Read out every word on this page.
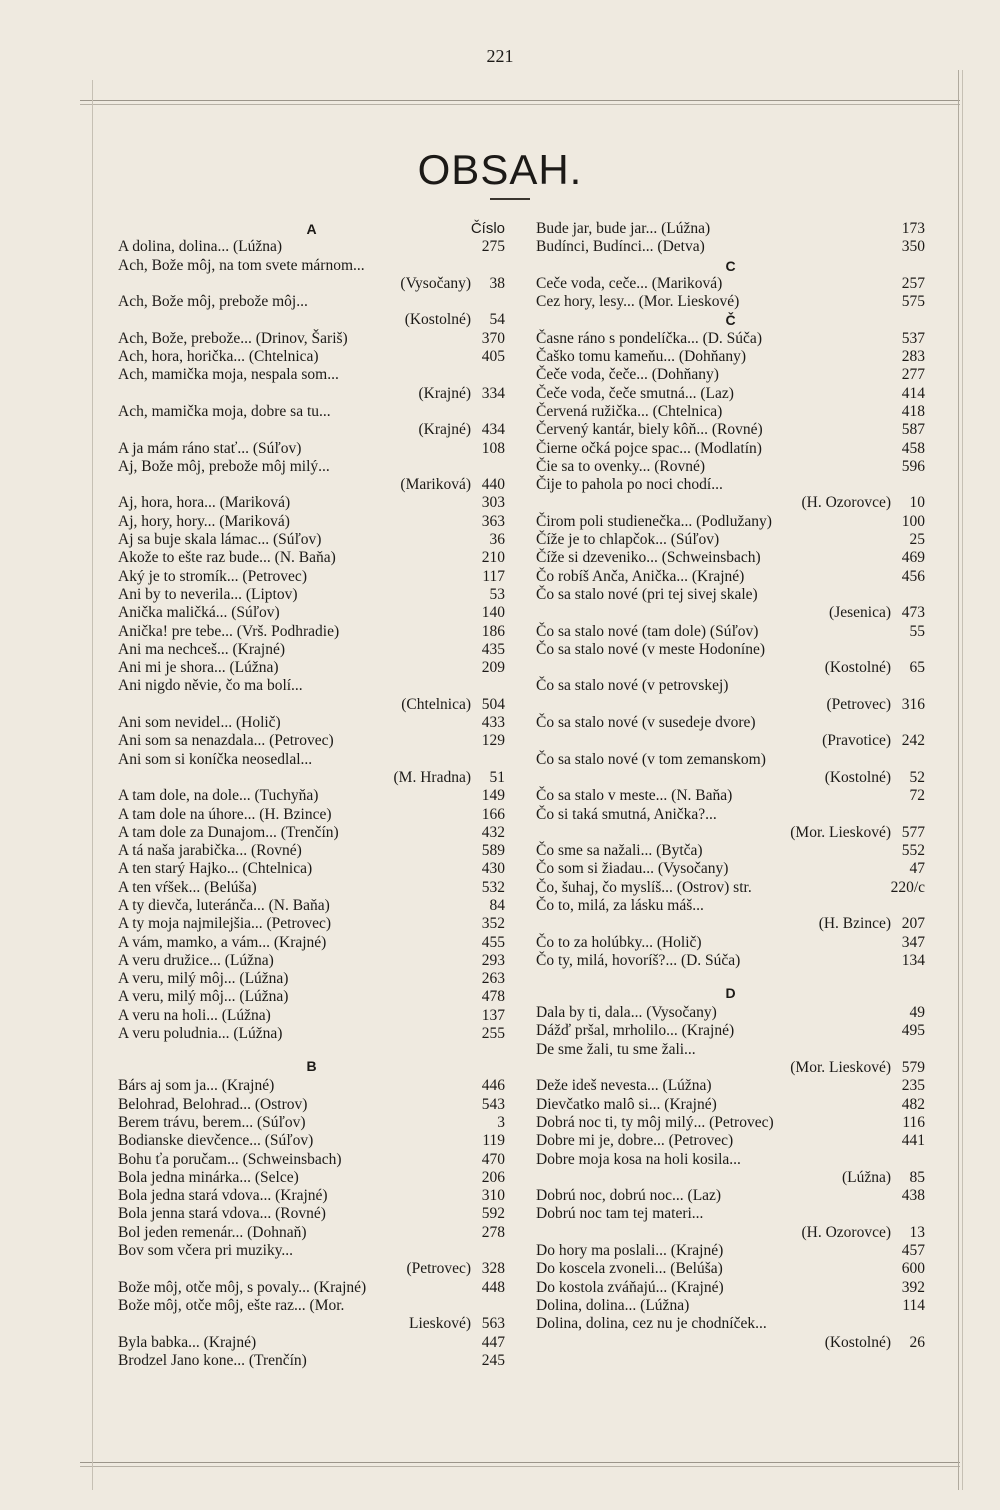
221
OBSAH.
A	Číslo
A dolina, dolina... (Lúžna)	275
Ach, Bože môj, na tom svete márnom...
(Vysočany) 38
Ach, Bože môj, prebože môj...
(Kostolné) 54
Ach, Bože, prebože... (Drinov, Šariš)	370
Ach, hora, horička... (Chtelnica)	405
Ach, mamička moja, nespala som...
(Krajné) 334
Ach, mamička moja, dobre sa tu...
(Krajné) 434
A ja mám ráno stať... (Súľov)	108
Aj, Bože môj, prebože môj milý...
(Mariková) 440
Aj, hora, hora... (Mariková)	303
Aj, hory, hory... (Mariková)	363
Aj sa buje skala lámac... (Súľov)	36
Akože to ešte raz bude... (N. Baňa)	210
Aký je to stromík... (Petrovec)	117
Ani by to neverila... (Liptov)	53
Anička maličká... (Súľov)	140
Anička! pre tebe... (Vrš. Podhradie)	186
Ani ma nechceš... (Krajné)	435
Ani mi je shora... (Lúžna)	209
Ani nigdo něvie, čo ma bolí...
(Chtelnica) 504
Ani som nevidel... (Holič)	433
Ani som sa nenazdala... (Petrovec)	129
Ani som si koníčka neosedlal...
(M. Hradna) 51
A tam dole, na dole... (Tuchyňa)	149
A tam dole na úhore... (H. Bzince)	166
A tam dole za Dunajom... (Trenčín)	432
A tá naša jarabička... (Rovné)	589
A ten starý Hajko... (Chtelnica)	430
A ten vŕšek... (Belúša)	532
A ty dievča, luteránča... (N. Baňa)	84
A ty moja najmilejšia... (Petrovec)	352
A vám, mamko, a vám... (Krajné)	455
A veru družice... (Lúžna)	293
A veru, milý môj... (Lúžna)	263
A veru, milý môj... (Lúžna)	478
A veru na holi... (Lúžna)	137
A veru poludnia... (Lúžna)	255
B
Bárs aj som ja... (Krajné)	446
Belohrad, Belohrad... (Ostrov)	543
Berem trávu, berem... (Súľov)	3
Bodianske dievčence... (Súľov)	119
Bohu ťa poručam... (Schweinsbach)	470
Bola jedna minárka... (Selce)	206
Bola jedna stará vdova... (Krajné)	310
Bola jenna stará vdova... (Rovné)	592
Bol jeden remenár... (Dohnaň)	278
Bov som včera pri muziky...
(Petrovec) 328
Bože môj, otče môj, s povaly... (Krajné)	448
Bože môj, otče môj, ešte raz... (Mor.
Lieskové) 563
Byla babka... (Krajné)	447
Brodzel Jano kone... (Trenčín)	245
Bude jar, bude jar... (Lúžna)	173
Budínci, Budínci... (Detva)	350
C
Ceče voda, ceče... (Mariková)	257
Cez hory, lesy... (Mor. Lieskové)	575
Č
Časne ráno s pondelíčka... (D. Súča)	537
Čaško tomu kameňu... (Dohňany)	283
Čeče voda, čeče... (Dohňany)	277
Čeče voda, čeče smutná... (Laz)	414
Červená ružička... (Chtelnica)	418
Červený kantár, biely kôň... (Rovné)	587
Čierne očká pojce spac... (Modlatín)	458
Čie sa to ovenky... (Rovné)	596
Čije to pahola po noci chodí...
(H. Ozorovce) 10
Čirom poli studienečka... (Podlužany)	100
Číže je to chlapčok... (Súľov)	25
Číže si dzeveniko... (Schweinsbach)	469
Čo robíš Anča, Anička... (Krajné)	456
Čo sa stalo nové (pri tej sivej skale)
(Jesenica) 473
Čo sa stalo nové (tam dole) (Súľov)	55
Čo sa stalo nové (v meste Hodoníne)
(Kostolné) 65
Čo sa stalo nové (v petrovskej)
(Petrovec) 316
Čo sa stalo nové (v susedeje dvore)
(Pravotice) 242
Čo sa stalo nové (v tom zemanskom)
(Kostolné) 52
Čo sa stalo v meste... (N. Baňa)	72
Čo si taká smutná, Anička?...
(Mor. Lieskové) 577
Čo sme sa nažali... (Bytča)	552
Čo som si žiadau... (Vysočany)	47
Čo, šuhaj, čo myslíš... (Ostrov) str.	220/c
Čo to, milá, za lásku máš...
(H. Bzince) 207
Čo to za holúbky... (Holič)	347
Čo ty, milá, hovoríš?... (D. Súča)	134
D
Dala by ti, dala... (Vysočany)	49
Dážď pršal, mrholilo... (Krajné)	495
De sme žali, tu sme žali...
(Mor. Lieskové) 579
Deže ideš nevesta... (Lúžna)	235
Dievčatko malô si... (Krajné)	482
Dobrá noc ti, ty môj milý... (Petrovec)	116
Dobre mi je, dobre... (Petrovec)	441
Dobre moja kosa na holi kosila...
(Lúžna) 85
Dobrú noc, dobrú noc... (Laz)	438
Dobrú noc tam tej materi...
(H. Ozorovce) 13
Do hory ma poslali... (Krajné)	457
Do koscela zvoneli... (Belúša)	600
Do kostola zváňajú... (Krajné)	392
Dolina, dolina... (Lúžna)	114
Dolina, dolina, cez nu je chodníček...
(Kostolné) 26
